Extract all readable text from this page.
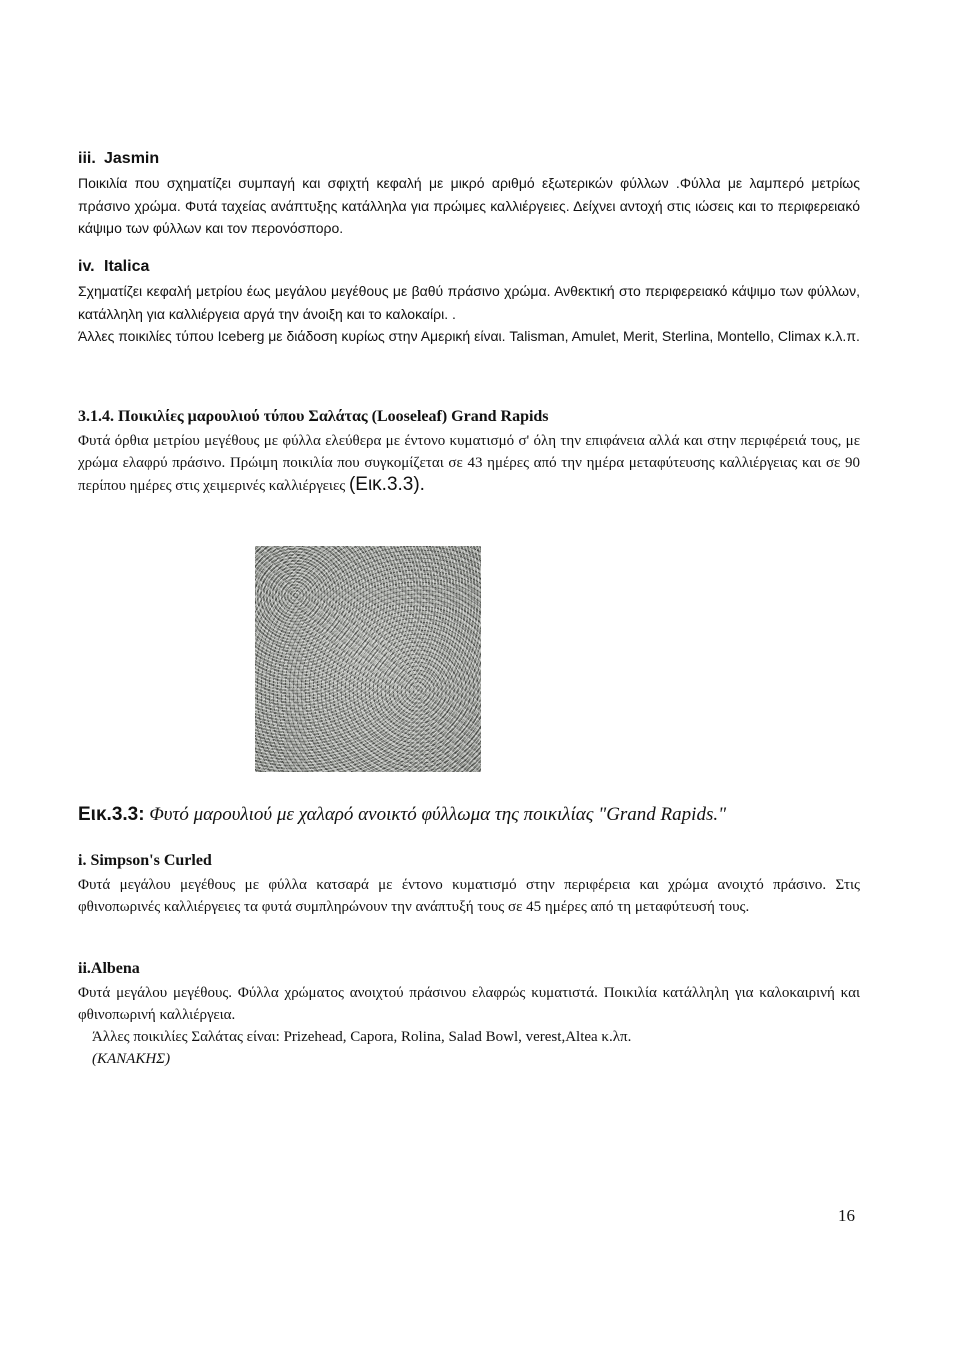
iii. Jasmin

Ποικιλία που σχηματίζει συμπαγή και σφιχτή κεφαλή με μικρό αριθμό εξωτερικών φύλλων .Φύλλα με λαμπερό μετρίως πράσινο χρώμα. Φυτά ταχείας ανάπτυξης κατάλληλα για πρώιμες καλλιέργειες. Δείχνει αντοχή στις ιώσεις και το περιφερειακό κάψιμο των φύλλων και τον περονόσπορο.

iv. Italica

Σχηματίζει κεφαλή μετρίου έως μεγάλου μεγέθους με βαθύ πράσινο χρώμα. Ανθεκτική στο περιφερειακό κάψιμο των φύλλων, κατάλληλη για καλλιέργεια αργά την άνοιξη και το καλοκαίρι. .

Άλλες ποικιλίες τύπου Iceberg με διάδοση κυρίως στην Αμερική είναι. Talisman, Amulet, Merit, Sterlina, Montello, Climax κ.λ.π.

3.1.4. Ποικιλίες μαρουλιού τύπου Σαλάτας (Looseleaf) Grand Rapids

Φυτά όρθια μετρίου μεγέθους με φύλλα ελεύθερα με έντονο κυματισμό σ' όλη την επιφάνεια αλλά και στην περιφέρειά τους, με χρώμα ελαφρύ πράσινο. Πρώιμη ποικιλία που συγκομίζεται σε 43 ημέρες από την ημέρα μεταφύτευσης καλλιέργειας και σε 90 περίπου ημέρες στις χειμερινές καλλιέργειες (Εικ.3.3).

Εικ.3.3: Φυτό μαρουλιού με χαλαρό ανοικτό φύλλωμα της ποικιλίας "Grand Rapids."
i. Simpson's Curled

Φυτά μεγάλου μεγέθους με φύλλα κατσαρά με έντονο κυματισμό στην περιφέρεια και χρώμα ανοιχτό πράσινο. Στις φθινοπωρινές καλλιέργειες τα φυτά συμπληρώνουν την ανάπτυξή τους σε 45 ημέρες από τη μεταφύτευσή τους.

ii.Albena

Φυτά μεγάλου μεγέθους. Φύλλα χρώματος ανοιχτού πράσινου ελαφρώς κυματιστά. Ποικιλία κατάλληλη για καλοκαιρινή και φθινοπωρινή καλλιέργεια.

Άλλες ποικιλίες Σαλάτας είναι: Prizehead, Capora, Rolina, Salad Bowl, verest,Altea κ.λπ.

(ΚΑΝΑΚΗΣ)

16
